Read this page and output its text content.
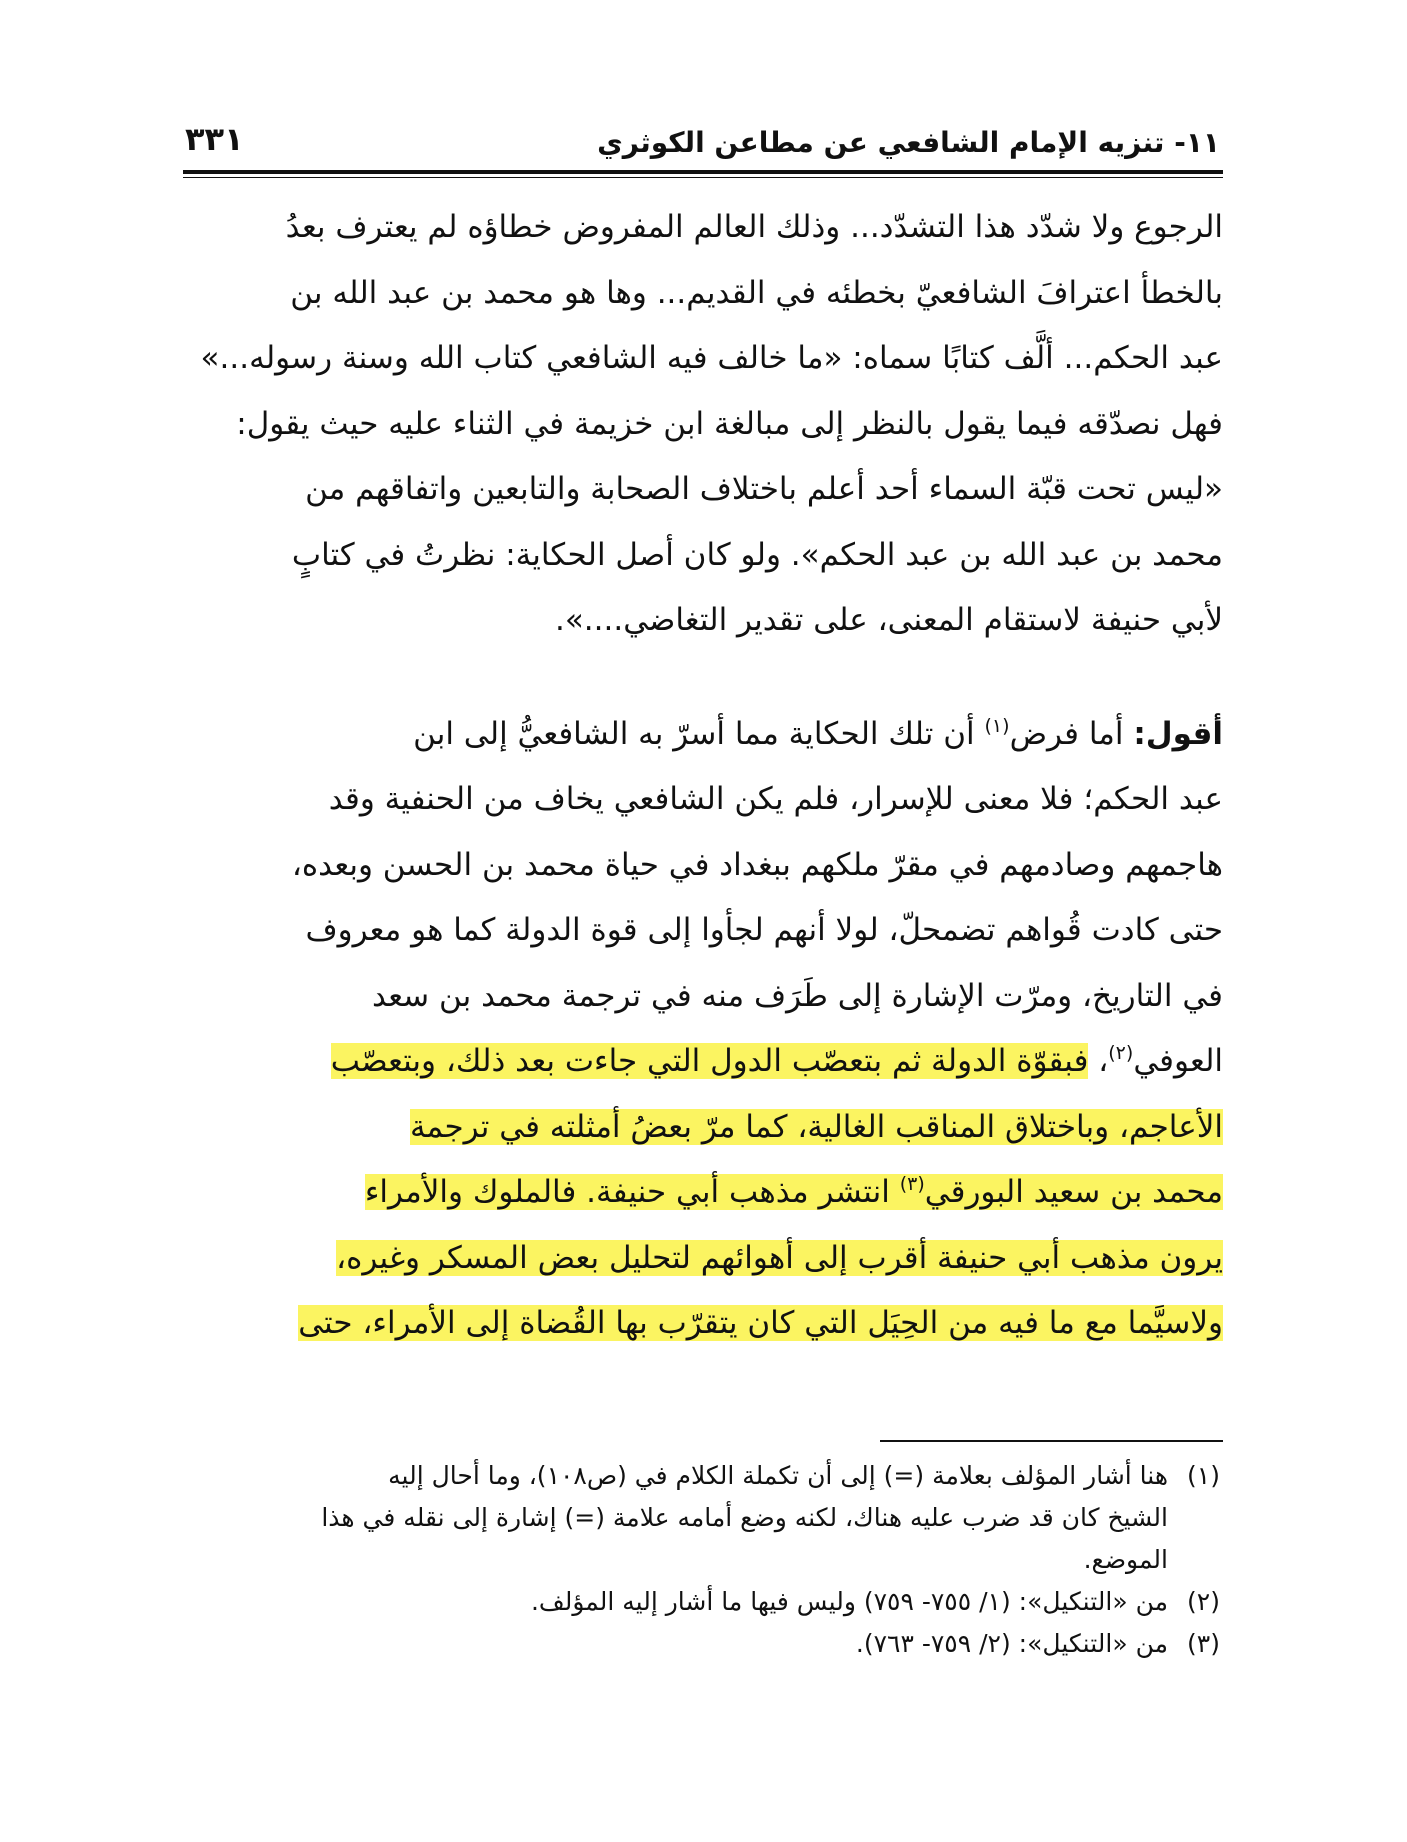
١١- تنزيه الإمام الشافعي عن مطاعن الكوثري
٣٣١
الرجوع ولا شدّد هذا التشدّد... وذلك العالم المفروض خطاؤه لم يعترف بعدُ
بالخطأ اعترافَ الشافعيّ بخطئه في القديم... وها هو محمد بن عبد الله بن
عبد الحكم... ألَّف كتابًا سماه: «ما خالف فيه الشافعي كتاب الله وسنة رسوله...»
فهل نصدّقه فيما يقول بالنظر إلى مبالغة ابن خزيمة في الثناء عليه حيث يقول:
«ليس تحت قبّة السماء أحد أعلم باختلاف الصحابة والتابعين واتفاقهم من
محمد بن عبد الله بن عبد الحكم». ولو كان أصل الحكاية: نظرتُ في كتابٍ
لأبي حنيفة لاستقام المعنى، على تقدير التغاضي....».
أقول: أما فرض$^{(١)}$ أن تلك الحكاية مما أسرّ به الشافعيُّ إلى ابن
عبد الحكم؛ فلا معنى للإسرار، فلم يكن الشافعي يخاف من الحنفية وقد
هاجمهم وصادمهم في مقرّ ملكهم ببغداد في حياة محمد بن الحسن وبعده،
حتى كادت قُواهم تضمحلّ، لولا أنهم لجأوا إلى قوة الدولة كما هو معروف
في التاريخ، ومرّت الإشارة إلى طَرَف منه في ترجمة محمد بن سعد
العوفي$^{(٢)}$، فبقوّة الدولة ثم بتعصّب الدول التي جاءت بعد ذلك، وبتعصّب
الأعاجم، وباختلاق المناقب الغالية، كما مرّ بعضُ أمثلته في ترجمة
محمد بن سعيد البورقي$^{(٣)}$ انتشر مذهب أبي حنيفة. فالملوك والأمراء
يرون مذهب أبي حنيفة أقرب إلى أهوائهم لتحليل بعض المسكر وغيره،
ولاسيَّما مع ما فيه من الحِيَل التي كان يتقرّب بها القُضاة إلى الأمراء، حتى
(١)هنا أشار المؤلف بعلامة (=) إلى أن تكملة الكلام في (ص١٠٨)، وما أحال إليه
الشيخ كان قد ضرب عليه هناك، لكنه وضع أمامه علامة (=) إشارة إلى نقله في هذا
الموضع.
(٢)من «التنكيل»: (١/ ٧٥٥- ٧٥٩) وليس فيها ما أشار إليه المؤلف.
(٣)من «التنكيل»: (٢/ ٧٥٩- ٧٦٣).
